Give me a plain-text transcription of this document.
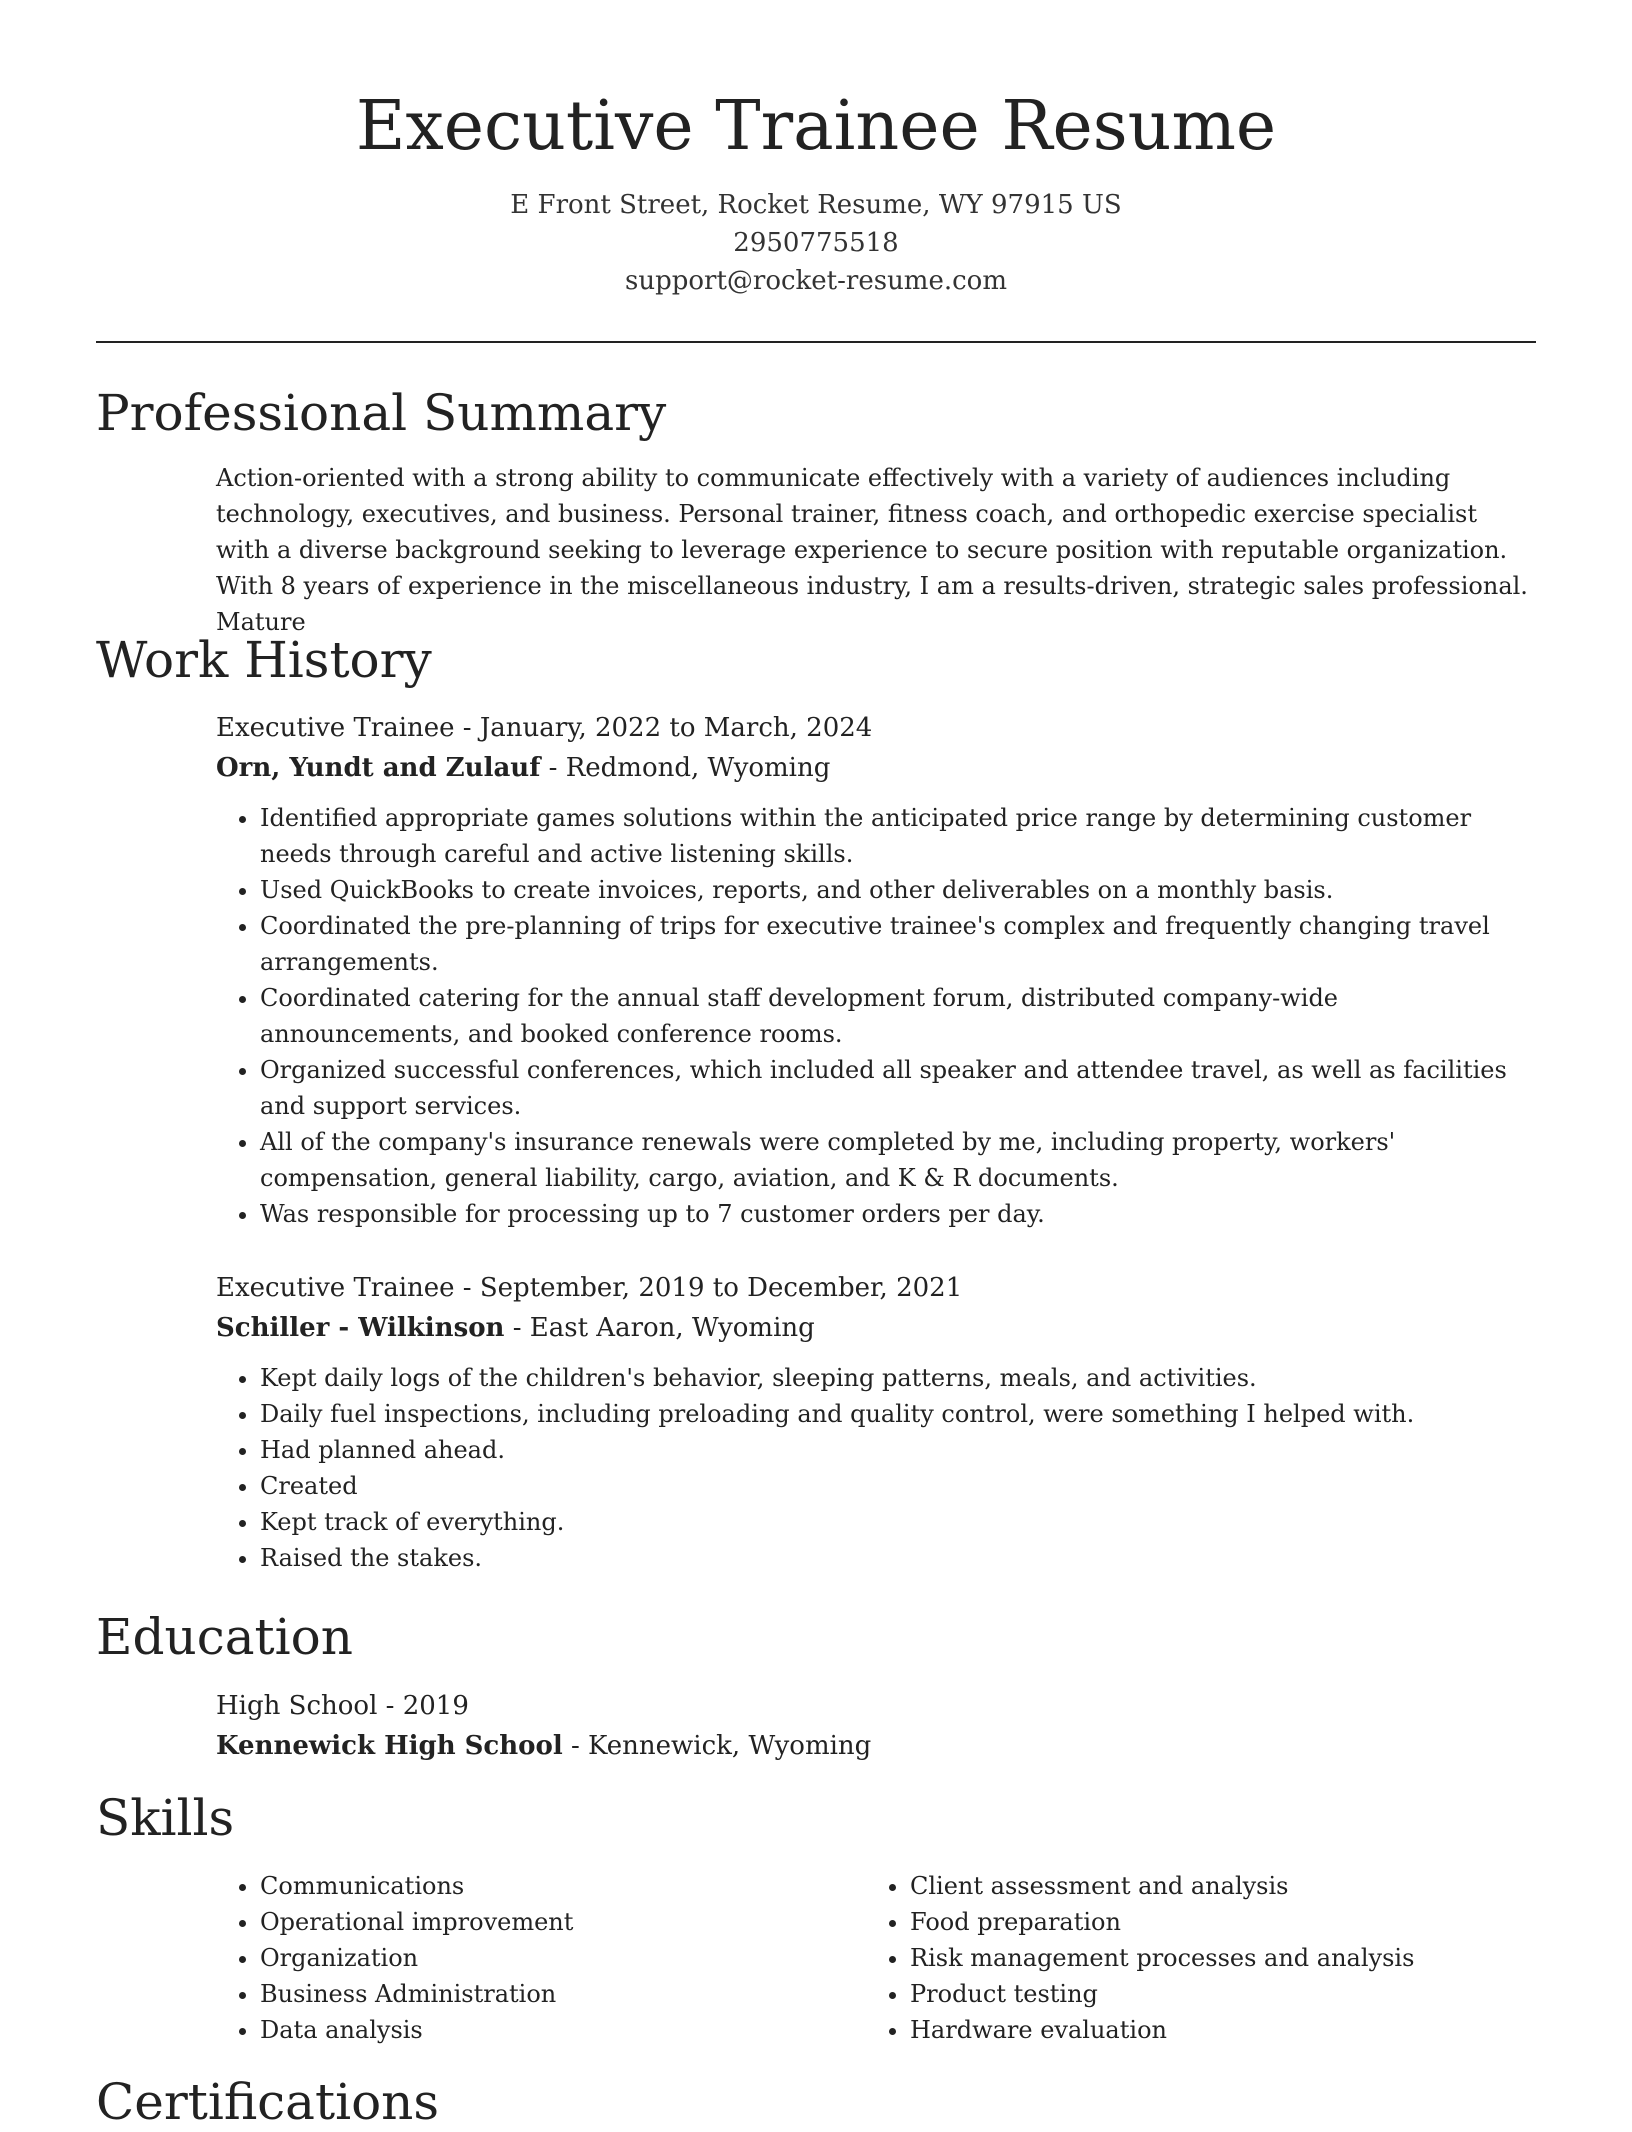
Executive Trainee Resume
E Front Street, Rocket Resume, WY 97915 US
2950775518
support@rocket-resume.com
Professional Summary

Action-oriented with a strong ability to communicate effectively with a variety of audiences including technology, executives, and business. Personal trainer, fitness coach, and orthopedic exercise specialist with a diverse background seeking to leverage experience to secure position with reputable organization. With 8 years of experience in the miscellaneous industry, I am a results-driven, strategic sales professional. Mature

Work History
Executive Trainee - January, 2022 to March, 2024
Orn, Yundt and Zulauf - Redmond, Wyoming
• Identified appropriate games solutions within the anticipated price range by determining customer needs through careful and active listening skills.
• Used QuickBooks to create invoices, reports, and other deliverables on a monthly basis.
• Coordinated the pre-planning of trips for executive trainee's complex and frequently changing travel arrangements.
• Coordinated catering for the annual staff development forum, distributed company-wide announcements, and booked conference rooms.
• Organized successful conferences, which included all speaker and attendee travel, as well as facilities and support services.
• All of the company's insurance renewals were completed by me, including property, workers' compensation, general liability, cargo, aviation, and K & R documents.
• Was responsible for processing up to 7 customer orders per day.
Executive Trainee - September, 2019 to December, 2021
Schiller - Wilkinson - East Aaron, Wyoming
• Kept daily logs of the children's behavior, sleeping patterns, meals, and activities.
• Daily fuel inspections, including preloading and quality control, were something I helped with.
• Had planned ahead.
• Created
• Kept track of everything.
• Raised the stakes.
Education
High School - 2019
Kennewick High School - Kennewick, Wyoming
Skills
• Communications
• Operational improvement
• Organization
• Business Administration
• Data analysis
• Client assessment and analysis
• Food preparation
• Risk management processes and analysis
• Product testing
• Hardware evaluation
Certifications
